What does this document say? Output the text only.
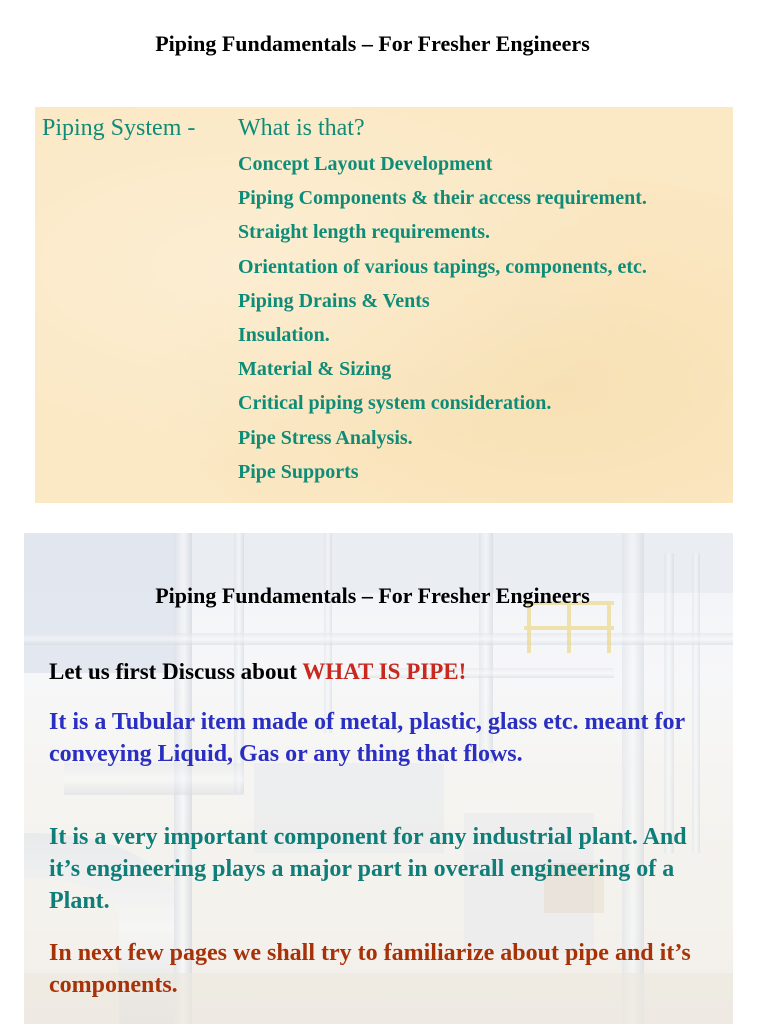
Piping Fundamentals – For Fresher Engineers
Piping System - What is that?
Concept Layout Development
Piping Components & their access requirement.
Straight length requirements.
Orientation of various tapings, components, etc.
Piping Drains & Vents
Insulation.
Material & Sizing
Critical piping system consideration.
Pipe Stress Analysis.
Pipe Supports
Piping Fundamentals – For Fresher Engineers
Let us first Discuss about WHAT IS PIPE!
It is a Tubular item made of metal, plastic, glass etc. meant for conveying Liquid, Gas or any thing that flows.
It is a very important component for any industrial plant. And it’s engineering plays a major part in overall engineering of a Plant.
In next few pages we shall try to familiarize about pipe and it’s components.
